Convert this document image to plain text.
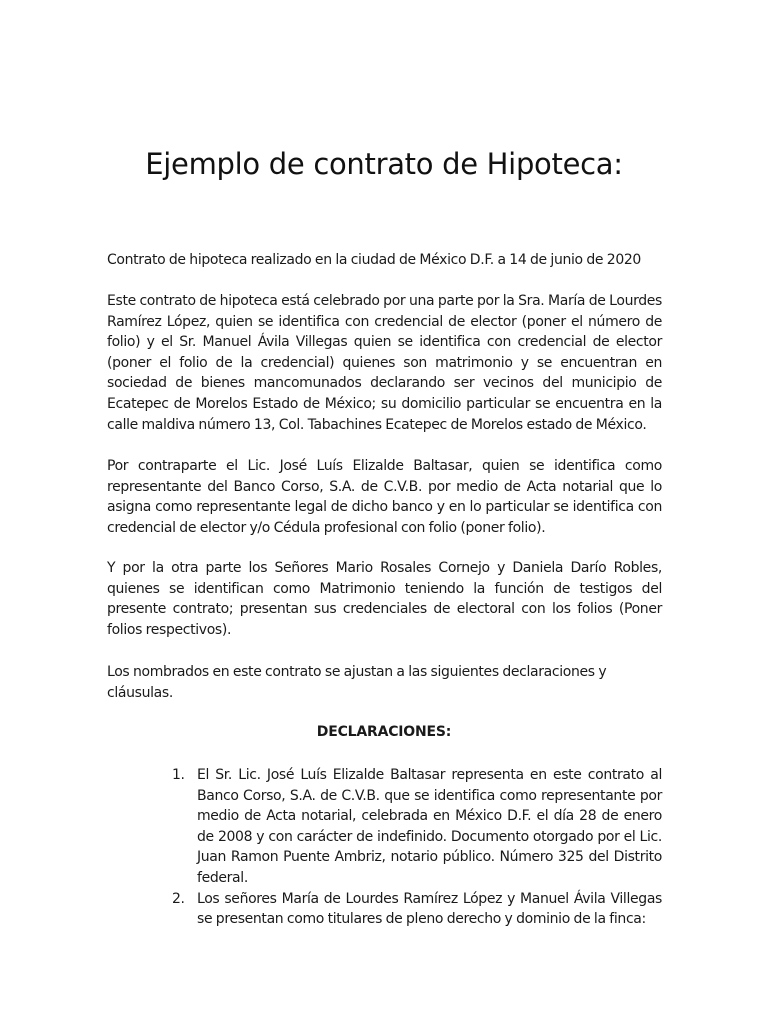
Ejemplo de contrato de Hipoteca:

Contrato de hipoteca realizado en la ciudad de México D.F. a 14 de junio de 2020

Este contrato de hipoteca está celebrado por una parte por la Sra. María de Lourdes Ramírez López, quien se identifica con credencial de elector (poner el número de folio) y el Sr. Manuel Ávila Villegas quien se identifica con credencial de elector (poner el folio de la credencial) quienes son matrimonio y se encuentran en sociedad de bienes mancomunados declarando ser vecinos del municipio de Ecatepec de Morelos Estado de México; su domicilio particular se encuentra en la calle maldiva número 13, Col. Tabachines Ecatepec de Morelos estado de México.

Por contraparte el Lic. José Luís Elizalde Baltasar, quien se identifica como representante del Banco Corso, S.A. de C.V.B. por medio de Acta notarial que lo asigna como representante legal de dicho banco y en lo particular se identifica con credencial de elector y/o Cédula profesional con folio (poner folio).

Y por la otra parte los Señores Mario Rosales Cornejo y Daniela Darío Robles, quienes se identifican como Matrimonio teniendo la función de testigos del presente contrato; presentan sus credenciales de electoral con los folios (Poner folios respectivos).

Los nombrados en este contrato se ajustan a las siguientes declaraciones y cláusulas.

DECLARACIONES:
1. El Sr. Lic. José Luís Elizalde Baltasar representa en este contrato al Banco Corso, S.A. de C.V.B. que se identifica como representante por medio de Acta notarial, celebrada en México D.F. el día 28 de enero de 2008 y con carácter de indefinido. Documento otorgado por el Lic. Juan Ramon Puente Ambriz, notario público. Número 325 del Distrito federal.
2. Los señores María de Lourdes Ramírez López y Manuel Ávila Villegas se presentan como titulares de pleno derecho y dominio de la finca:
